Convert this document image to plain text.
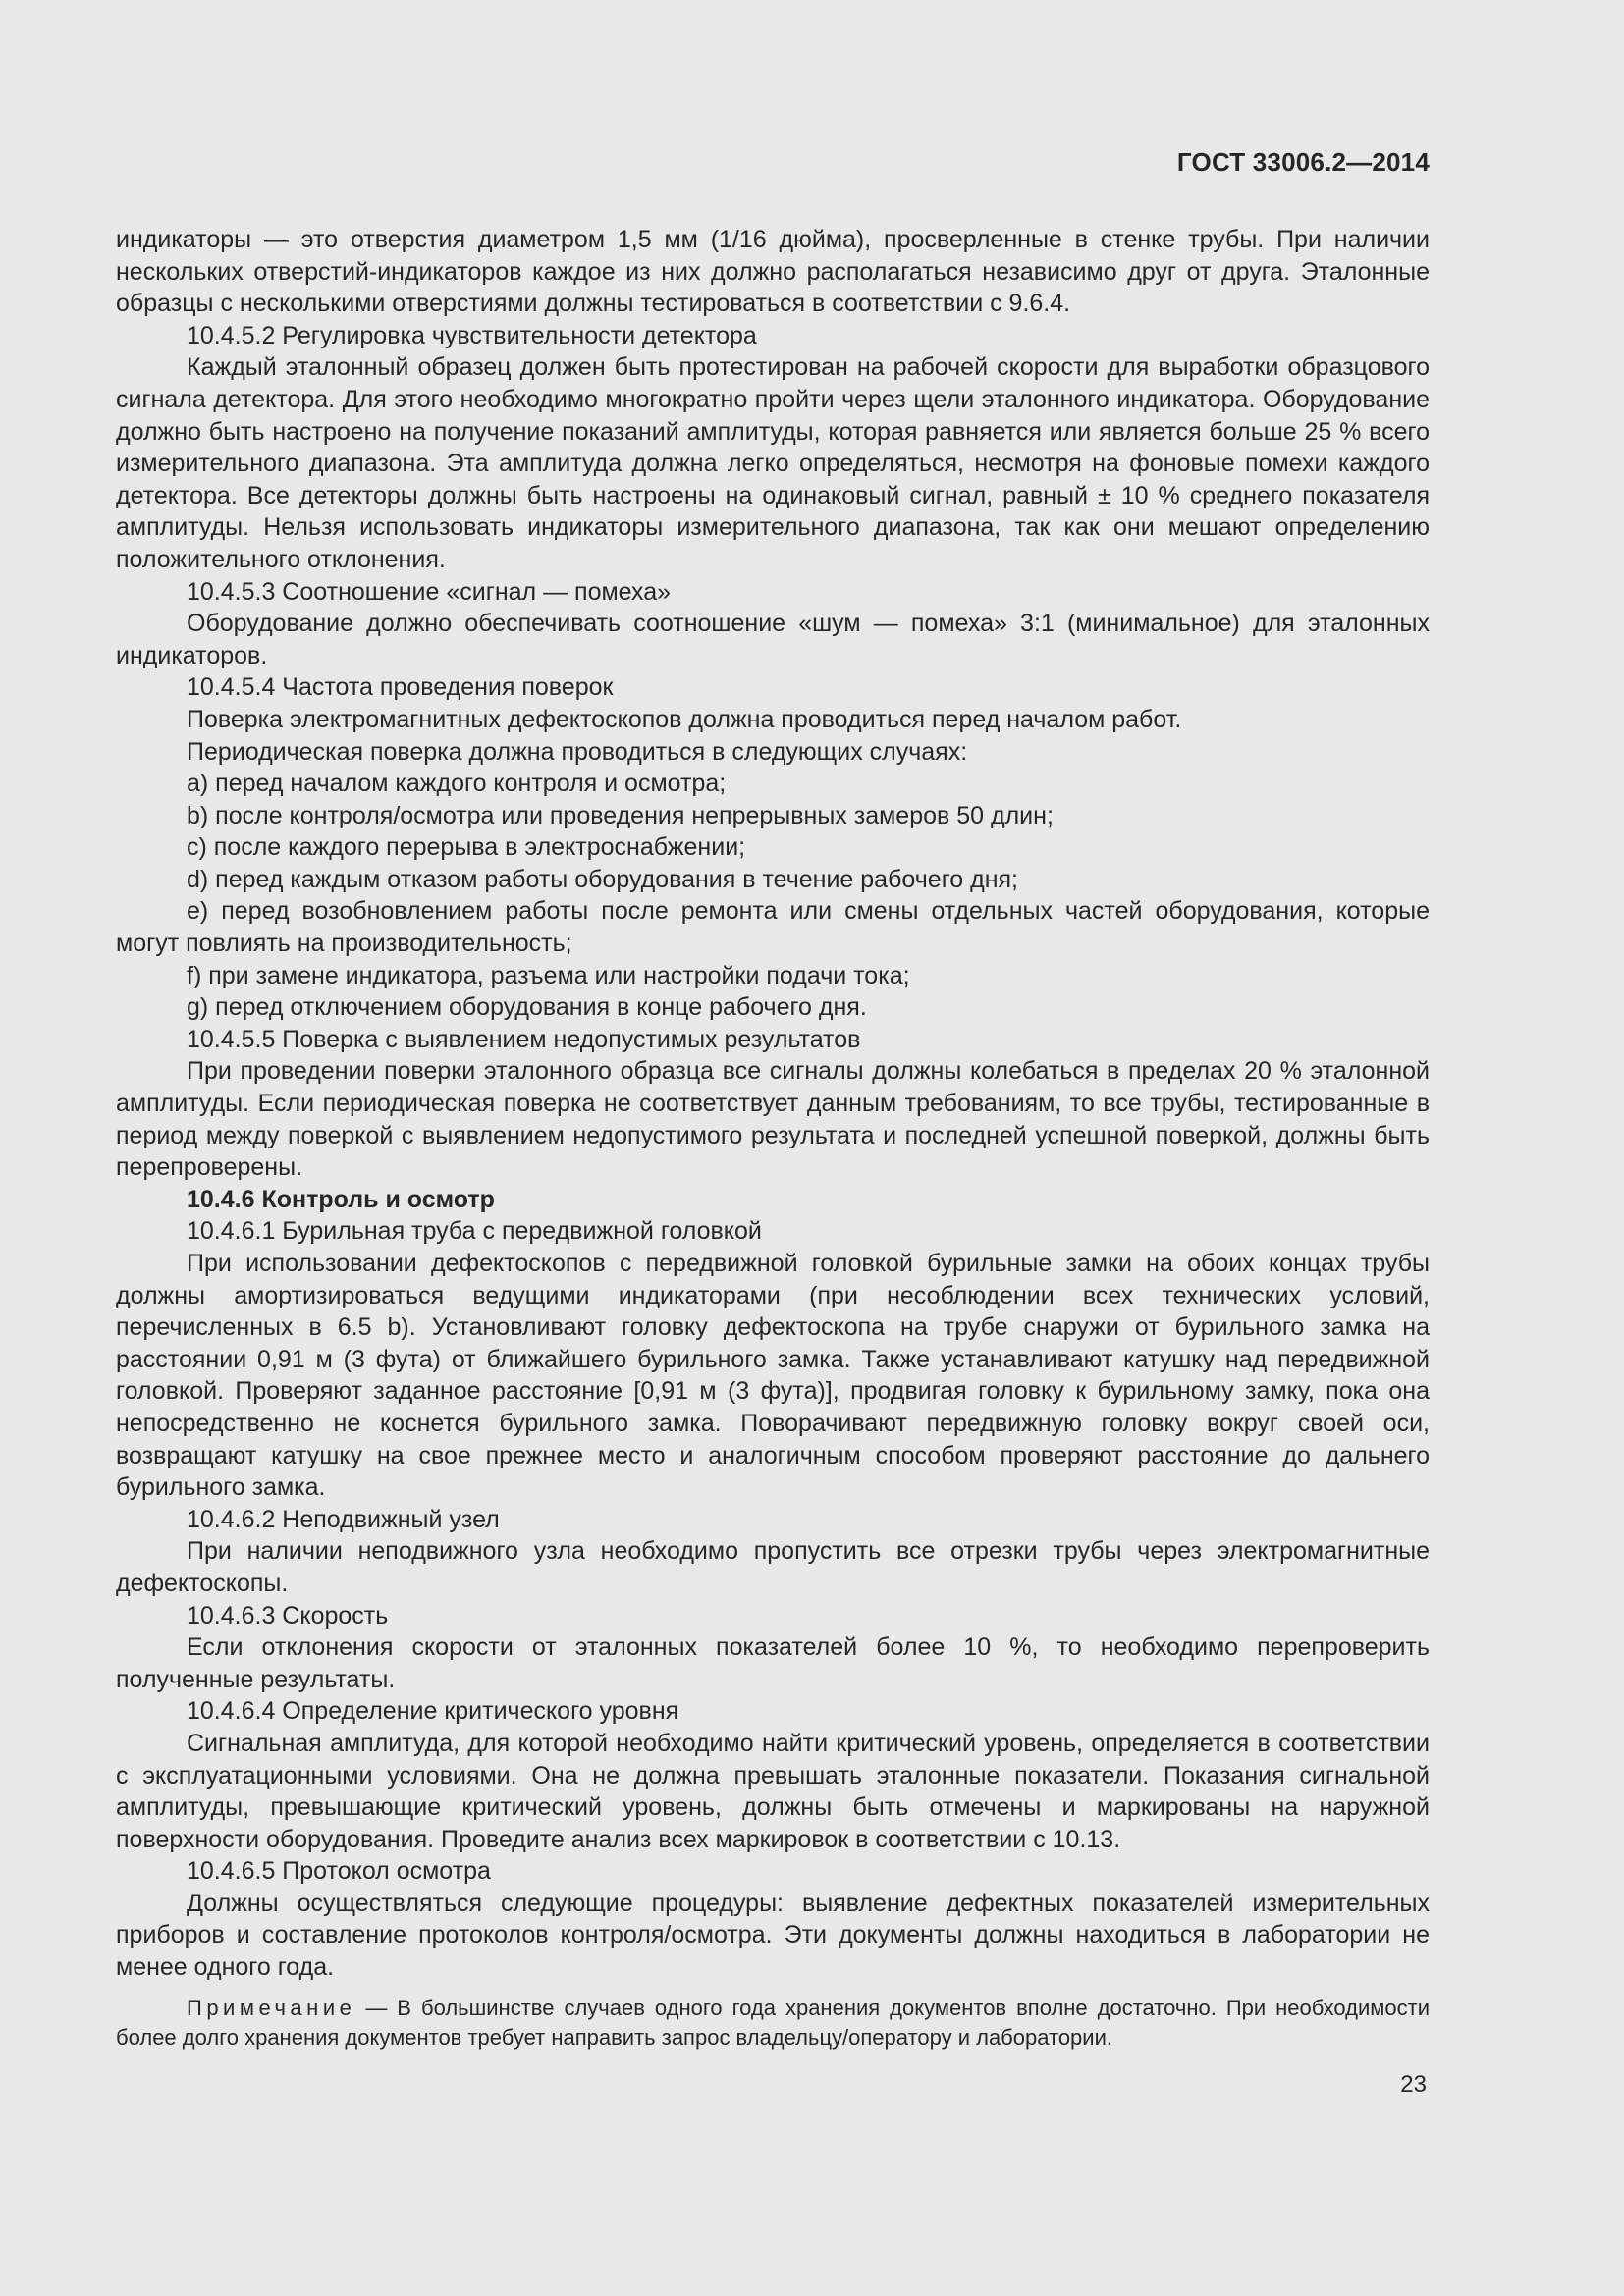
ГОСТ 33006.2—2014

индикаторы — это отверстия диаметром 1,5 мм (1/16 дюйма), просверленные в стенке трубы. При наличии нескольких отверстий-индикаторов каждое из них должно располагаться независимо друг от друга. Эталонные образцы с несколькими отверстиями должны тестироваться в соответствии с 9.6.4.

10.4.5.2 Регулировка чувствительности детектора

Каждый эталонный образец должен быть протестирован на рабочей скорости для выработки образцового сигнала детектора. Для этого необходимо многократно пройти через щели эталонного индикатора. Оборудование должно быть настроено на получение показаний амплитуды, которая равняется или является больше 25 % всего измерительного диапазона. Эта амплитуда должна легко определяться, несмотря на фоновые помехи каждого детектора. Все детекторы должны быть настроены на одинаковый сигнал, равный ± 10 % среднего показателя амплитуды. Нельзя использовать индикаторы измерительного диапазона, так как они мешают определению положительного отклонения.

10.4.5.3 Соотношение «сигнал — помеха»

Оборудование должно обеспечивать соотношение «шум — помеха» 3:1 (минимальное) для эталонных индикаторов.

10.4.5.4 Частота проведения поверок

Поверка электромагнитных дефектоскопов должна проводиться перед началом работ.

Периодическая поверка должна проводиться в следующих случаях:

a) перед началом каждого контроля и осмотра;

b) после контроля/осмотра или проведения непрерывных замеров 50 длин;

c) после каждого перерыва в электроснабжении;

d) перед каждым отказом работы оборудования в течение рабочего дня;

e) перед возобновлением работы после ремонта или смены отдельных частей оборудования, которые могут повлиять на производительность;

f) при замене индикатора, разъема или настройки подачи тока;

g) перед отключением оборудования в конце рабочего дня.

10.4.5.5 Поверка с выявлением недопустимых результатов

При проведении поверки эталонного образца все сигналы должны колебаться в пределах 20 % эталонной амплитуды. Если периодическая поверка не соответствует данным требованиям, то все трубы, тестированные в период между поверкой с выявлением недопустимого результата и последней успешной поверкой, должны быть перепроверены.

10.4.6 Контроль и осмотр

10.4.6.1 Бурильная труба с передвижной головкой

При использовании дефектоскопов с передвижной головкой бурильные замки на обоих концах трубы должны амортизироваться ведущими индикаторами (при несоблюдении всех технических условий, перечисленных в 6.5 b). Установливают головку дефектоскопа на трубе снаружи от бурильного замка на расстоянии 0,91 м (3 фута) от ближайшего бурильного замка. Также устанавливают катушку над передвижной головкой. Проверяют заданное расстояние [0,91 м (3 фута)], продвигая головку к бурильному замку, пока она непосредственно не коснется бурильного замка. Поворачивают передвижную головку вокруг своей оси, возвращают катушку на свое прежнее место и аналогичным способом проверяют расстояние до дальнего бурильного замка.

10.4.6.2 Неподвижный узел

При наличии неподвижного узла необходимо пропустить все отрезки трубы через электромагнитные дефектоскопы.

10.4.6.3 Скорость

Если отклонения скорости от эталонных показателей более 10 %, то необходимо перепроверить полученные результаты.

10.4.6.4 Определение критического уровня

Сигнальная амплитуда, для которой необходимо найти критический уровень, определяется в соответствии с эксплуатационными условиями. Она не должна превышать эталонные показатели. Показания сигнальной амплитуды, превышающие критический уровень, должны быть отмечены и маркированы на наружной поверхности оборудования. Проведите анализ всех маркировок в соответствии с 10.13.

10.4.6.5 Протокол осмотра

Должны осуществляться следующие процедуры: выявление дефектных показателей измерительных приборов и составление протоколов контроля/осмотра. Эти документы должны находиться в лаборатории не менее одного года.

Примечание — В большинстве случаев одного года хранения документов вполне достаточно. При необходимости более долго хранения документов требует направить запрос владельцу/оператору и лаборатории.

23
